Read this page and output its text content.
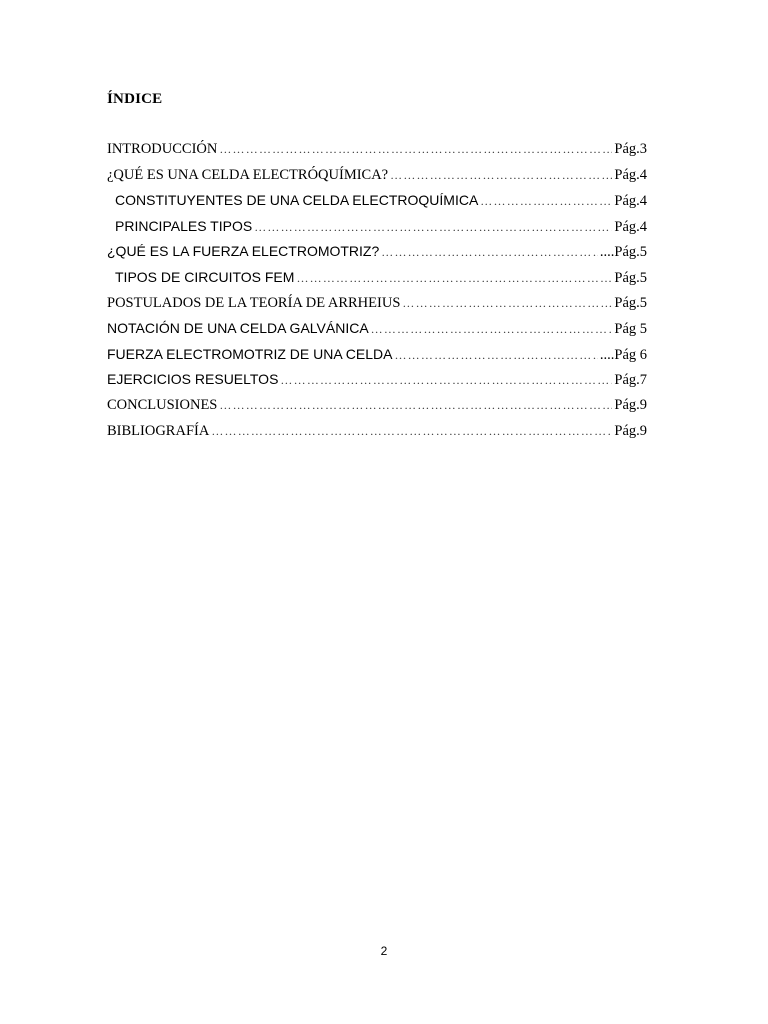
ÍNDICE
INTRODUCCIÓN ……………………………………………………………………………………………………………………………………………………………	Pág.3
¿QUÉ ES UNA CELDA ELECTRÓQUÍMICA? ……………………………………………………………………………………………………………………………………………………………	Pág.4
CONSTITUYENTES DE UNA CELDA ELECTROQUÍMICA ……………………………………………………………………………………………………………………………………………………………	Pág.4
PRINCIPALES TIPOS ……………………………………………………………………………………………………………………………………………………………	Pág.4
¿QUÉ ES LA FUERZA ELECTROMOTRIZ? ……………………………………………………………………………………………………………………………………………………………	....Pág.5
TIPOS DE CIRCUITOS FEM ……………………………………………………………………………………………………………………………………………………………	Pág.5
POSTULADOS DE LA TEORÍA DE ARRHEIUS ……………………………………………………………………………………………………………………………………………………………	Pág.5
NOTACIÓN DE UNA CELDA GALVÁNICA ……………………………………………………………………………………………………………………………………………………………	Pág 5
FUERZA ELECTROMOTRIZ DE UNA CELDA ……………………………………………………………………………………………………………………………………………………………	....Pág 6
EJERCICIOS RESUELTOS ……………………………………………………………………………………………………………………………………………………………	Pág.7
CONCLUSIONES ……………………………………………………………………………………………………………………………………………………………	Pág.9
BIBLIOGRAFÍA ……………………………………………………………………………………………………………………………………………………………	Pág.9
2
